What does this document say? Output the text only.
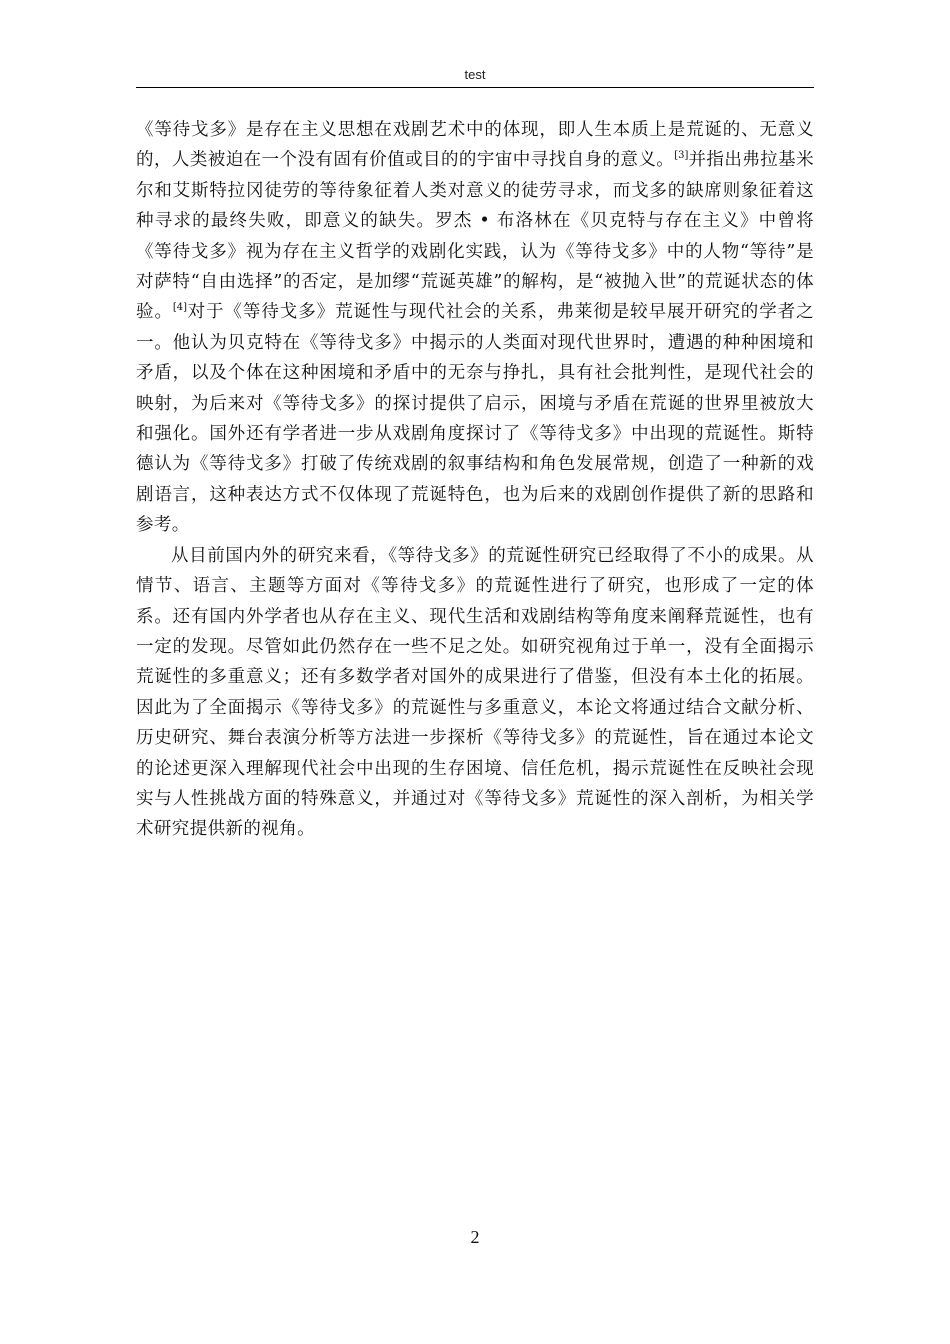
test

《等待戈多》是存在主义思想在戏剧艺术中的体现，即人生本质上是荒诞的、无意义的，人类被迫在一个没有固有价值或目的的宇宙中寻找自身的意义。[3]并指出弗拉基米尔和艾斯特拉冈徒劳的等待象征着人类对意义的徒劳寻求，而戈多的缺席则象征着这种寻求的最终失败，即意义的缺失。罗杰 • 布洛林在《贝克特与存在主义》中曾将《等待戈多》视为存在主义哲学的戏剧化实践，认为《等待戈多》中的人物“等待”是对萨特“自由选择”的否定，是加缪“荒诞英雄”的解构，是“被抛入世”的荒诞状态的体验。[4]对于《等待戈多》荒诞性与现代社会的关系，弗莱彻是较早展开研究的学者之一。他认为贝克特在《等待戈多》中揭示的人类面对现代世界时，遭遇的种种困境和矛盾，以及个体在这种困境和矛盾中的无奈与挣扎，具有社会批判性，是现代社会的映射，为后来对《等待戈多》的探讨提供了启示，困境与矛盾在荒诞的世界里被放大和强化。国外还有学者进一步从戏剧角度探讨了《等待戈多》中出现的荒诞性。斯特德认为《等待戈多》打破了传统戏剧的叙事结构和角色发展常规，创造了一种新的戏剧语言，这种表达方式不仅体现了荒诞特色，也为后来的戏剧创作提供了新的思路和参考。

从目前国内外的研究来看，《等待戈多》的荒诞性研究已经取得了不小的成果。从情节、语言、主题等方面对《等待戈多》的荒诞性进行了研究，也形成了一定的体系。还有国内外学者也从存在主义、现代生活和戏剧结构等角度来阐释荒诞性，也有一定的发现。尽管如此仍然存在一些不足之处。如研究视角过于单一，没有全面揭示荒诞性的多重意义；还有多数学者对国外的成果进行了借鉴，但没有本土化的拓展。因此为了全面揭示《等待戈多》的荒诞性与多重意义，本论文将通过结合文献分析、历史研究、舞台表演分析等方法进一步探析《等待戈多》的荒诞性，旨在通过本论文的论述更深入理解现代社会中出现的生存困境、信任危机，揭示荒诞性在反映社会现实与人性挑战方面的特殊意义，并通过对《等待戈多》荒诞性的深入剖析，为相关学术研究提供新的视角。

2
